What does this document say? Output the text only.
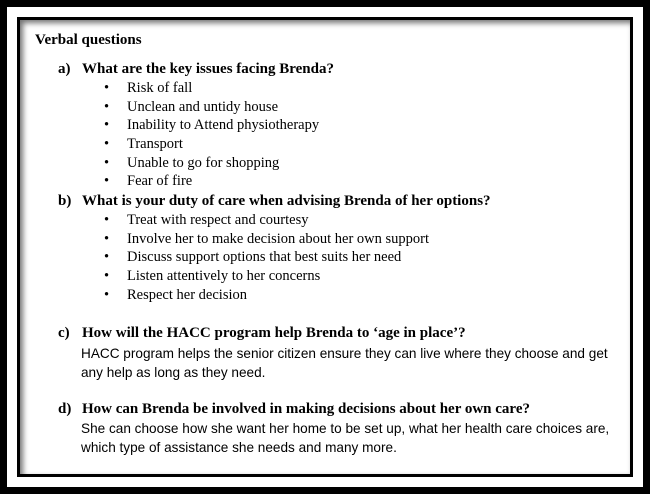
Verbal questions
a) What are the key issues facing Brenda?
• Risk of fall
• Unclean and untidy house
• Inability to Attend physiotherapy
• Transport
• Unable to go for shopping
• Fear of fire
b) What is your duty of care when advising Brenda of her options?
• Treat with respect and courtesy
• Involve her to make decision about her own support
• Discuss support options that best suits her need
• Listen attentively to her concerns
• Respect her decision
c) How will the HACC program help Brenda to ‘age in place’?
HACC program helps the senior citizen ensure they can live where they choose and get any help as long as they need.
d) How can Brenda be involved in making decisions about her own care?
She can choose how she want her home to be set up, what her health care choices are, which type of assistance she needs and many more.
